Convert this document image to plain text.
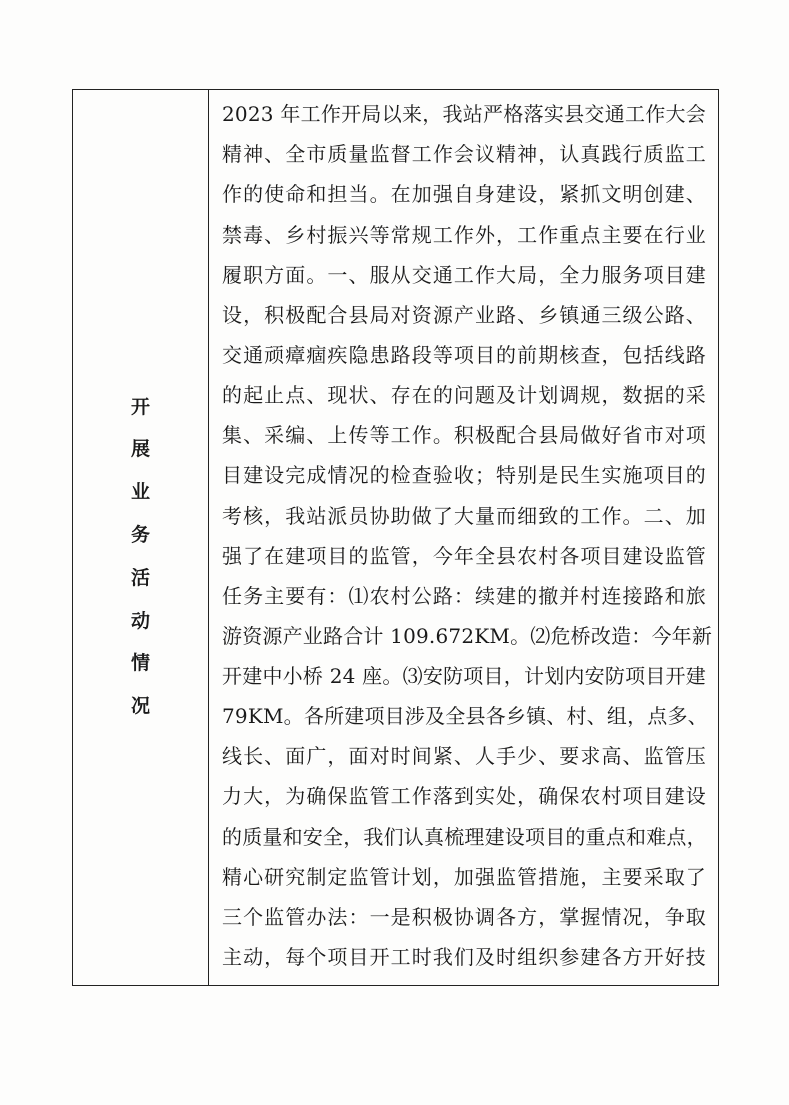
开
展
业
务
活
动
情
况
2023 年工作开局以来，我站严格落实县交通工作大会
精神、全市质量监督工作会议精神，认真践行质监工
作的使命和担当。在加强自身建设，紧抓文明创建、
禁毒、乡村振兴等常规工作外，工作重点主要在行业
履职方面。一、服从交通工作大局，全力服务项目建
设，积极配合县局对资源产业路、乡镇通三级公路、
交通顽瘴痼疾隐患路段等项目的前期核查，包括线路
的起止点、现状、存在的问题及计划调规，数据的采
集、采编、上传等工作。积极配合县局做好省市对项
目建设完成情况的检查验收；特别是民生实施项目的
考核，我站派员协助做了大量而细致的工作。二、加
强了在建项目的监管，今年全县农村各项目建设监管
任务主要有：⑴农村公路：续建的撤并村连接路和旅
游资源产业路合计 109.672KM。⑵危桥改造：今年新
开建中小桥 24 座。⑶安防项目，计划内安防项目开建
79KM。各所建项目涉及全县各乡镇、村、组，点多、
线长、面广，面对时间紧、人手少、要求高、监管压
力大，为确保监管工作落到实处，确保农村项目建设
的质量和安全，我们认真梳理建设项目的重点和难点，
精心研究制定监管计划，加强监管措施，主要采取了
三个监管办法：一是积极协调各方，掌握情况，争取
主动，每个项目开工时我们及时组织参建各方开好技
